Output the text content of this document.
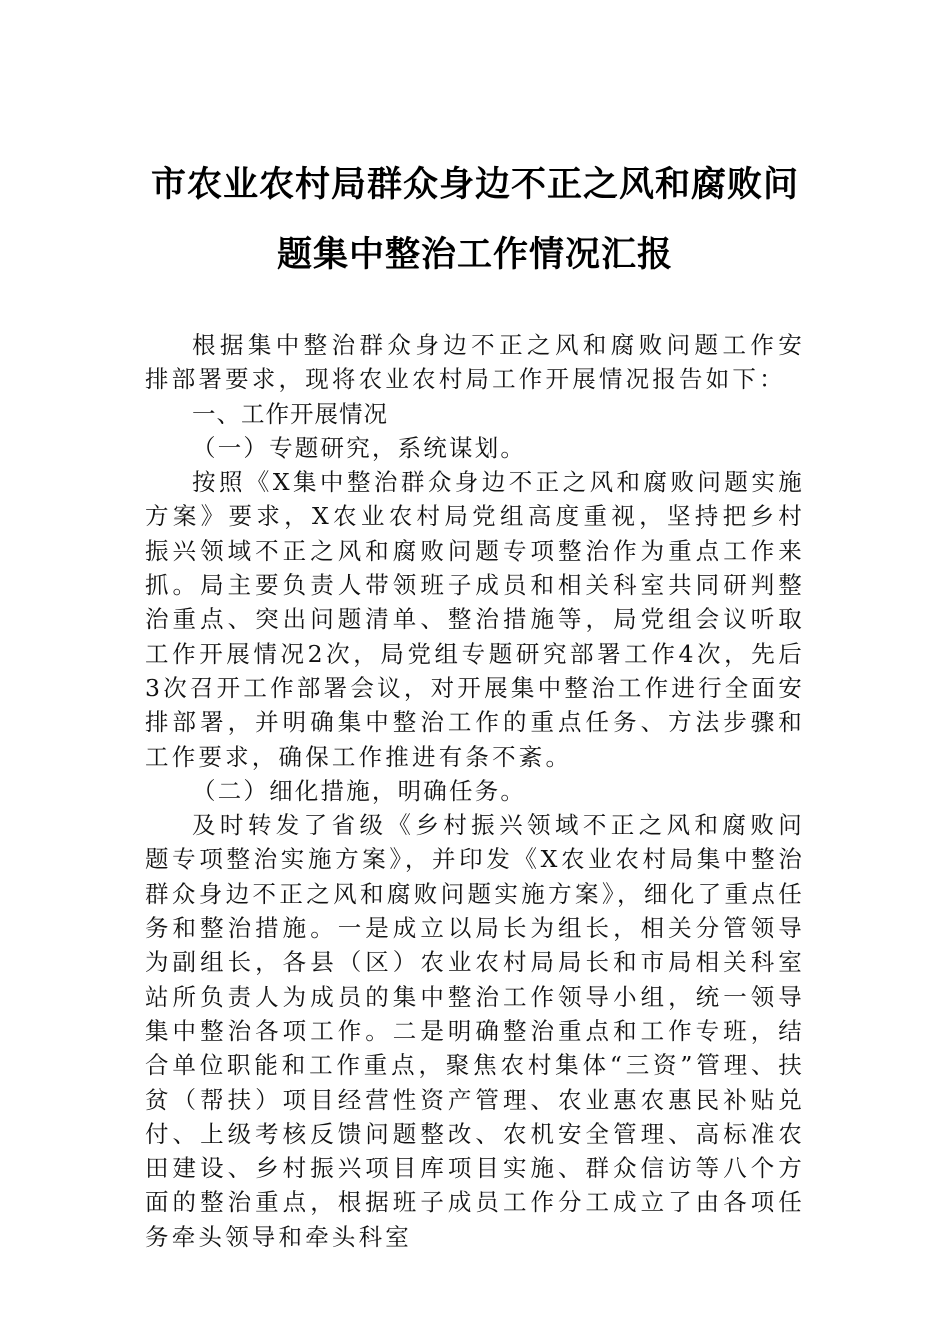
市农业农村局群众身边不正之风和腐败问
题集中整治工作情况汇报

根据集中整治群众身边不正之风和腐败问题工作安排部署要求，现将农业农村局工作开展情况报告如下：

一、工作开展情况

（一）专题研究，系统谋划。

按照《X集中整治群众身边不正之风和腐败问题实施方案》要求，X农业农村局党组高度重视，坚持把乡村振兴领域不正之风和腐败问题专项整治作为重点工作来抓。局主要负责人带领班子成员和相关科室共同研判整治重点、突出问题清单、整治措施等，局党组会议听取工作开展情况2次，局党组专题研究部署工作4次，先后3次召开工作部署会议，对开展集中整治工作进行全面安排部署，并明确集中整治工作的重点任务、方法步骤和工作要求，确保工作推进有条不紊。

（二）细化措施，明确任务。

及时转发了省级《乡村振兴领域不正之风和腐败问题专项整治实施方案》，并印发《X农业农村局集中整治群众身边不正之风和腐败问题实施方案》，细化了重点任务和整治措施。一是成立以局长为组长，相关分管领导为副组长，各县（区）农业农村局局长和市局相关科室站所负责人为成员的集中整治工作领导小组，统一领导集中整治各项工作。二是明确整治重点和工作专班，结合单位职能和工作重点，聚焦农村集体“三资”管理、扶贫（帮扶）项目经营性资产管理、农业惠农惠民补贴兑付、上级考核反馈问题整改、农机安全管理、高标准农田建设、乡村振兴项目库项目实施、群众信访等八个方面的整治重点，根据班子成员工作分工成立了由各项任务牵头领导和牵头科室
